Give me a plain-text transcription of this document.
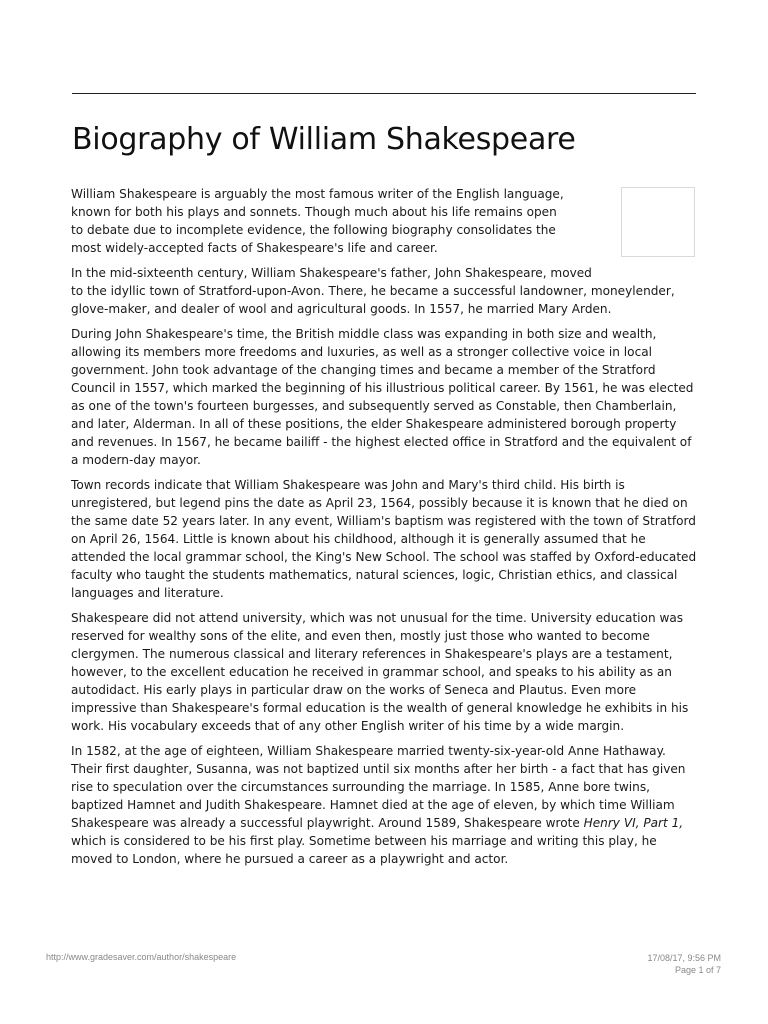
Biography of William Shakespeare

William Shakespeare is arguably the most famous writer of the English language, known for both his plays and sonnets. Though much about his life remains open to debate due to incomplete evidence, the following biography consolidates the most widely-accepted facts of Shakespeare's life and career.

In the mid-sixteenth century, William Shakespeare's father, John Shakespeare, moved
to the idyllic town of Stratford-upon-Avon. There, he became a successful landowner, moneylender, glove-maker, and dealer of wool and agricultural goods. In 1557, he married Mary Arden.

During John Shakespeare's time, the British middle class was expanding in both size and wealth, allowing its members more freedoms and luxuries, as well as a stronger collective voice in local government. John took advantage of the changing times and became a member of the Stratford Council in 1557, which marked the beginning of his illustrious political career. By 1561, he was elected as one of the town's fourteen burgesses, and subsequently served as Constable, then Chamberlain, and later, Alderman. In all of these positions, the elder Shakespeare administered borough property and revenues. In 1567, he became bailiff - the highest elected office in Stratford and the equivalent of a modern-day mayor.

Town records indicate that William Shakespeare was John and Mary's third child. His birth is unregistered, but legend pins the date as April 23, 1564, possibly because it is known that he died on the same date 52 years later. In any event, William's baptism was registered with the town of Stratford on April 26, 1564. Little is known about his childhood, although it is generally assumed that he attended the local grammar school, the King's New School. The school was staffed by Oxford-educated faculty who taught the students mathematics, natural sciences, logic, Christian ethics, and classical languages and literature.

Shakespeare did not attend university, which was not unusual for the time. University education was reserved for wealthy sons of the elite, and even then, mostly just those who wanted to become clergymen. The numerous classical and literary references in Shakespeare's plays are a testament, however, to the excellent education he received in grammar school, and speaks to his ability as an autodidact. His early plays in particular draw on the works of Seneca and Plautus. Even more impressive than Shakespeare's formal education is the wealth of general knowledge he exhibits in his work. His vocabulary exceeds that of any other English writer of his time by a wide margin.

In 1582, at the age of eighteen, William Shakespeare married twenty-six-year-old Anne Hathaway. Their first daughter, Susanna, was not baptized until six months after her birth - a fact that has given rise to speculation over the circumstances surrounding the marriage. In 1585, Anne bore twins, baptized Hamnet and Judith Shakespeare. Hamnet died at the age of eleven, by which time William Shakespeare was already a successful playwright. Around 1589, Shakespeare wrote Henry VI, Part 1, which is considered to be his first play. Sometime between his marriage and writing this play, he moved to London, where he pursued a career as a playwright and actor.

http://www.gradesaver.com/author/shakespeare	17/08/17, 9:56 PM
Page 1 of 7
